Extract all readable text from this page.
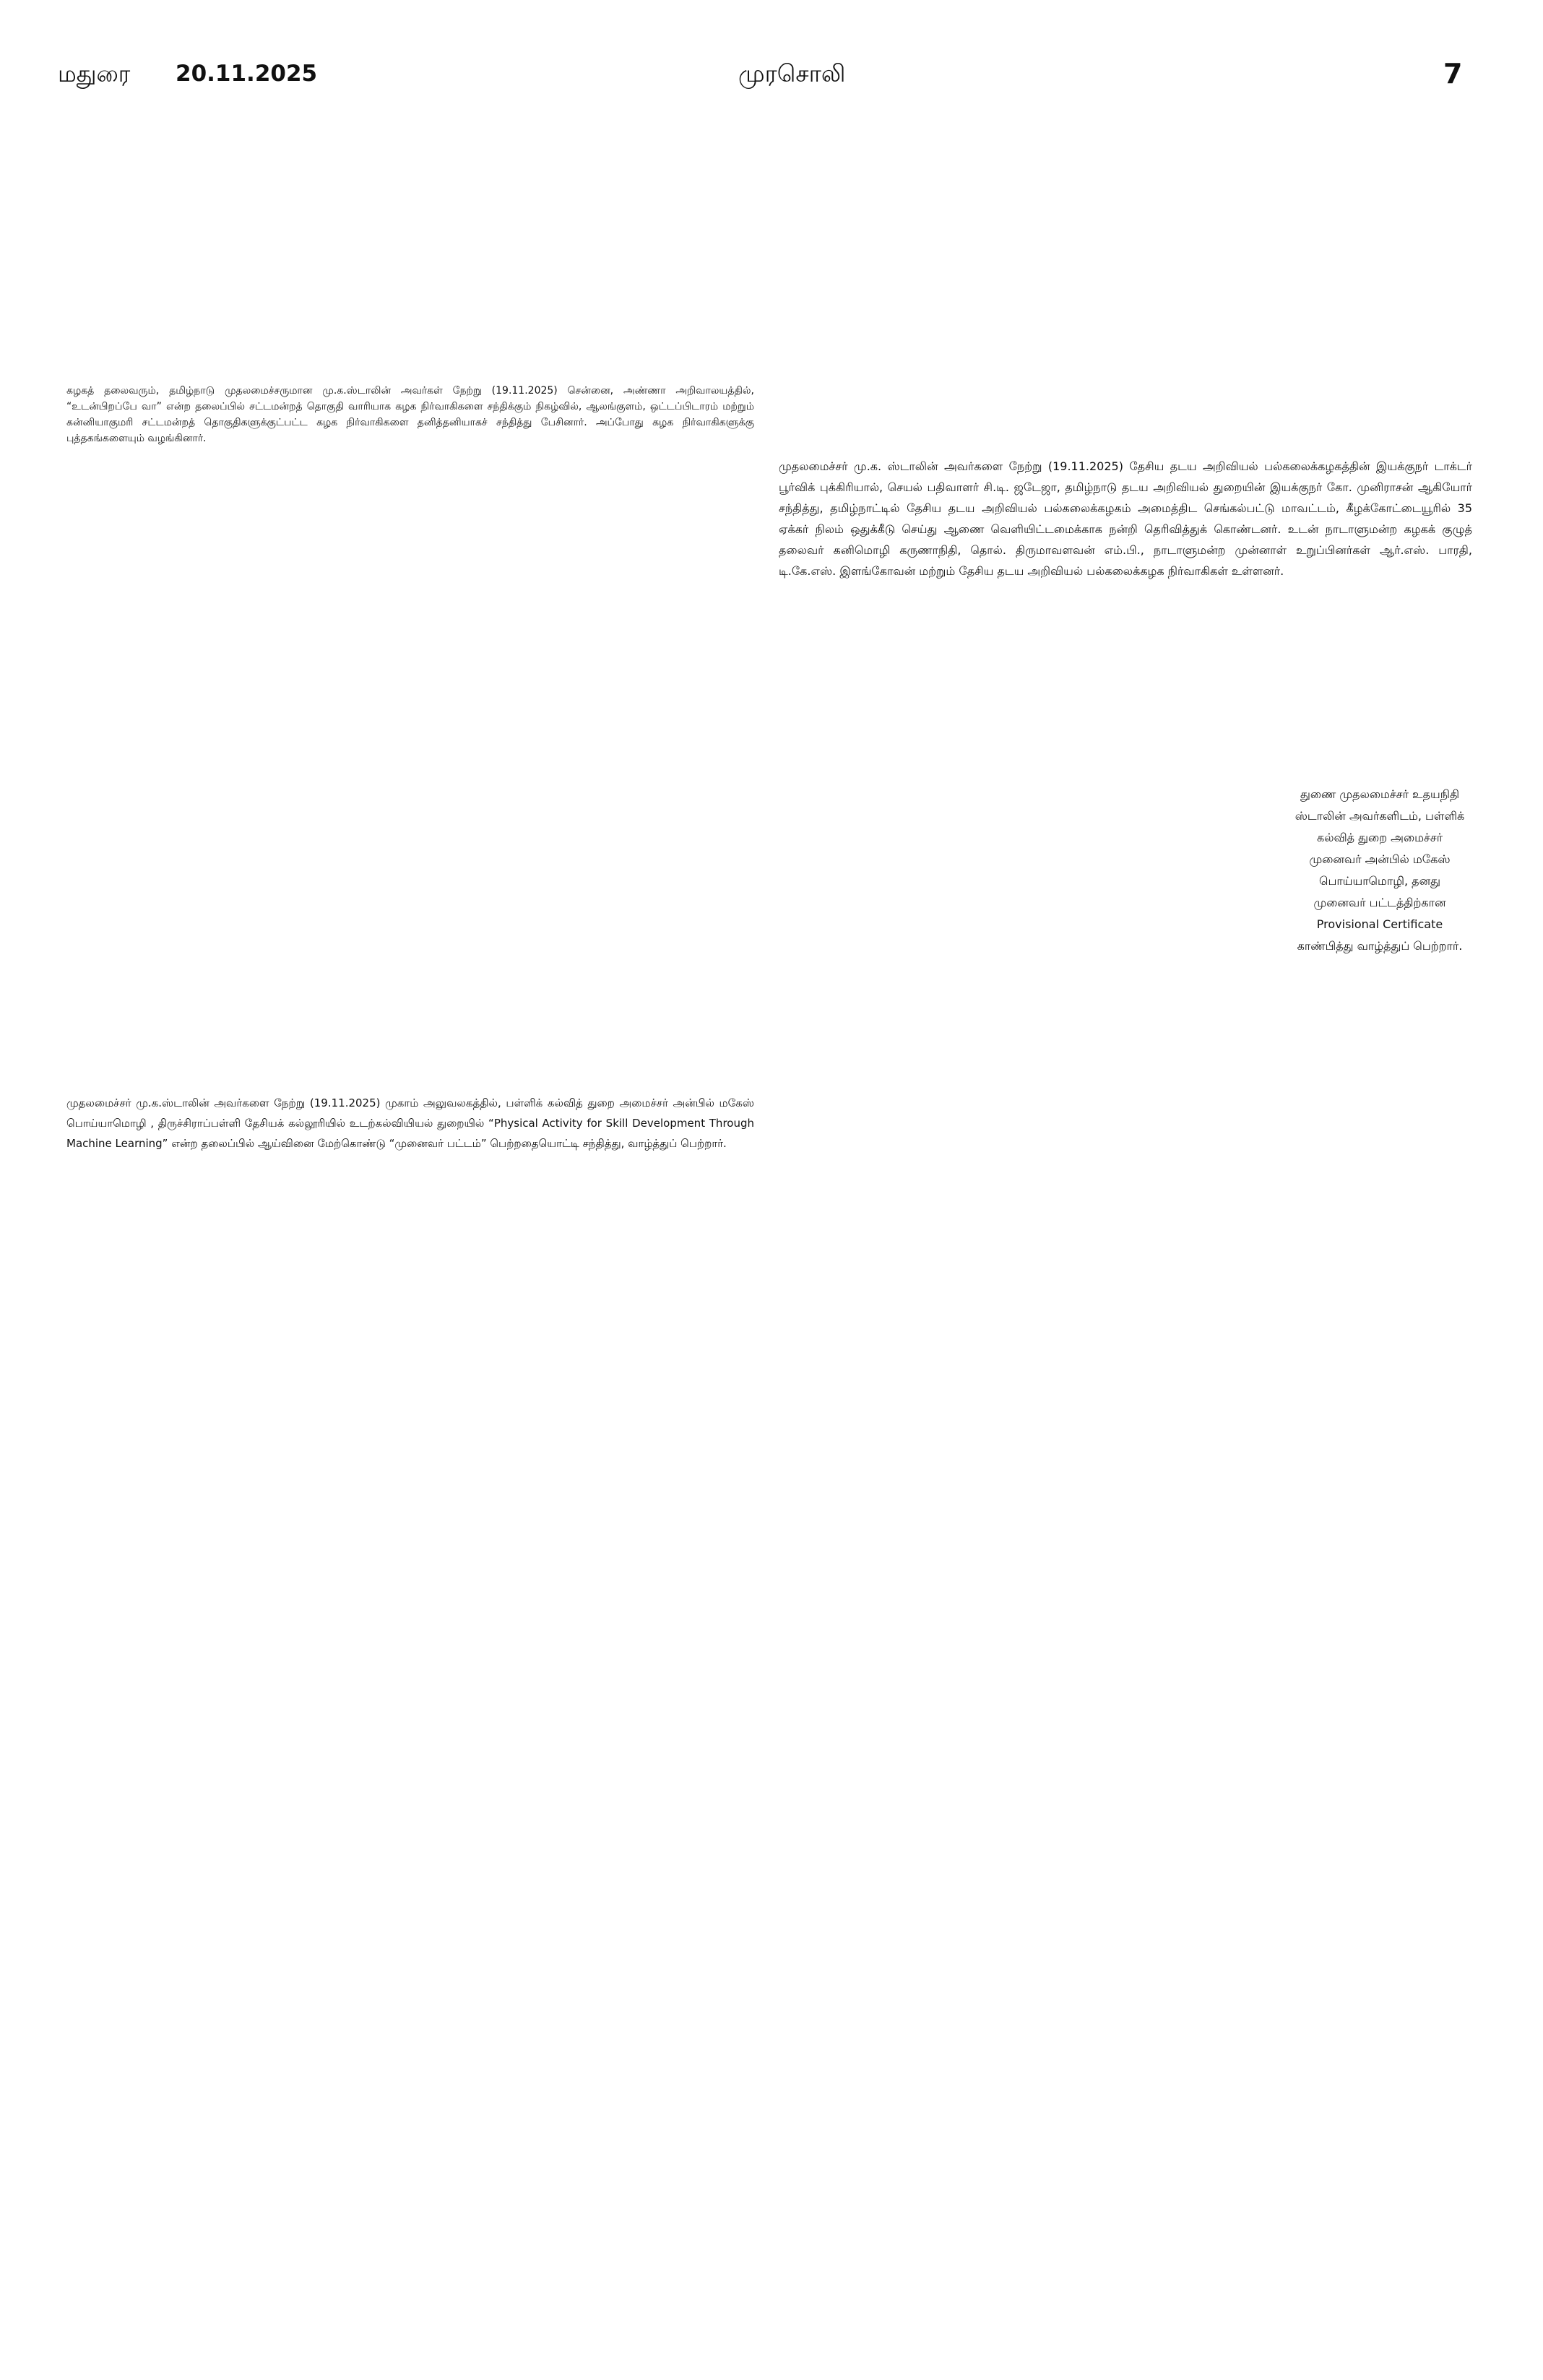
மதுரை 20.11.2025	முரசொலி	7

கழகத் தலைவரும், தமிழ்நாடு முதலமைச்சருமான மு.க.ஸ்டாலின் அவர்கள் நேற்று (19.11.2025) சென்னை, அண்ணா அறிவாலயத்தில், “உடன்பிறப்பே வா” என்ற தலைப்பில் சட்டமன்றத் தொகுதி வாரியாக கழக நிர்வாகிகளை சந்திக்கும் நிகழ்வில், ஆலங்குளம், ஒட்டப்பிடாரம் மற்றும் கன்னியாகுமரி சட்டமன்றத் தொகுதிகளுக்குட்பட்ட கழக நிர்வாகிகளை தனித்தனியாகச் சந்தித்து பேசினார். அப்போது கழக நிர்வாகிகளுக்கு புத்தகங்களையும் வழங்கினார்.

முதலமைச்சர் மு.க. ஸ்டாலின் அவர்களை நேற்று (19.11.2025) தேசிய தடய அறிவியல் பல்கலைக்கழகத்தின் இயக்குநர் டாக்டர் பூர்விக் புக்கிரியால், செயல் பதிவாளர் சி.டி. ஜடேஜா, தமிழ்நாடு தடய அறிவியல் துறையின் இயக்குநர் கோ. முனிராசன் ஆகியோர் சந்தித்து, தமிழ்நாட்டில் தேசிய தடய அறிவியல் பல்கலைக்கழகம் அமைத்திட செங்கல்பட்டு மாவட்டம், கீழக்கோட்டையூரில் 35 ஏக்கர் நிலம் ஒதுக்கீடு செய்து ஆணை வெளியிட்டமைக்காக நன்றி தெரிவித்துக் கொண்டனர். உடன் நாடாளுமன்ற கழகக் குழுத் தலைவர் கனிமொழி கருணாநிதி, தொல். திருமாவளவன் எம்.பி., நாடாளுமன்ற முன்னாள் உறுப்பினர்கள் ஆர்.எஸ். பாரதி, டி.கே.எஸ். இளங்கோவன் மற்றும் தேசிய தடய அறிவியல் பல்கலைக்கழக நிர்வாகிகள் உள்ளனர்.

துணை முதலமைச்சர் உதயநிதி ஸ்டாலின் அவர்களிடம், பள்ளிக் கல்வித் துறை அமைச்சர் முனைவர் அன்பில் மகேஸ் பொய்யாமொழி, தனது முனைவர் பட்டத்திற்கான Provisional Certificate காண்பித்து வாழ்த்துப் பெற்றார்.

முதலமைச்சர் மு.க.ஸ்டாலின் அவர்களை நேற்று (19.11.2025) முகாம் அலுவலகத்தில், பள்ளிக் கல்வித் துறை அமைச்சர் அன்பில் மகேஸ் பொய்யாமொழி , திருச்சிராப்பள்ளி தேசியக் கல்லூரியில் உடற்கல்வியியல் துறையில் “Physical Activity for Skill Development Through Machine Learning” என்ற தலைப்பில் ஆய்வினை மேற்கொண்டு “முனைவர் பட்டம்” பெற்றதையொட்டி சந்தித்து, வாழ்த்துப் பெற்றார்.
